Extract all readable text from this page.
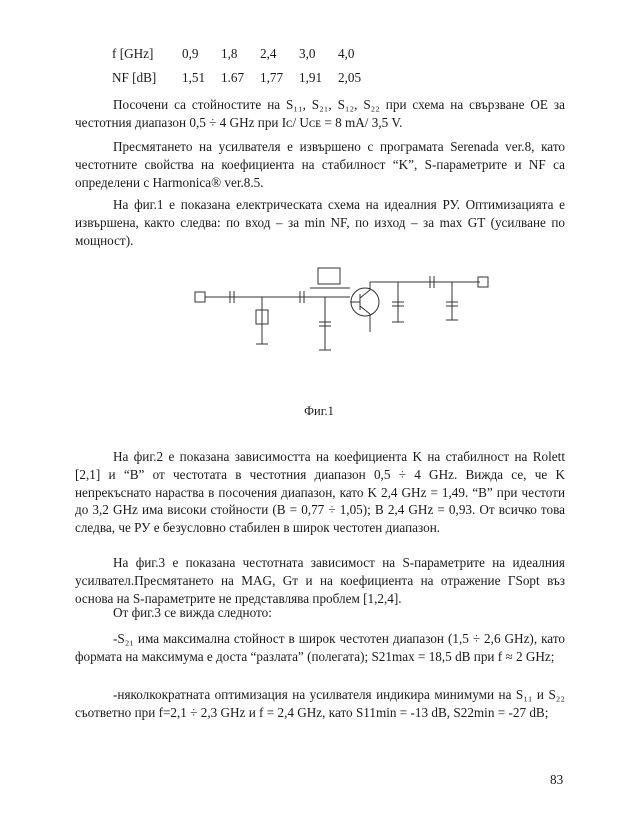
f [GHz]	0,9	1,8	2,4	3,0	4,0
NF [dB]	1,51	1.67	1,77	1,91	2,05

Посочени са стойностите на S₁₁, S₂₁, S₁₂, S₂₂ при схема на свързване ОЕ за честотния диапазон 0,5 ÷ 4 GHz при Iᴄ/ Uᴄᴇ = 8 mA/ 3,5 V.

Пресмятането на усилвателя е извършено с програмата Serenada ver.8, като честотните свойства на коефициента на стабилност “K”, S-параметрите и NF са определени с Harmonica® ver.8.5.

На фиг.1 е показана електрическата схема на идеалния РУ. Оптимизацията е извършена, както следва: по вход – за min NF, по изход – за max GT (усилване по мощност).

Фиг.1

На фиг.2 е показана зависимостта на коефициента K на стабилност на Rolett [2,1] и “B” от честотата в честотния диапазон 0,5 ÷ 4 GHz. Вижда се, че K непрекъснато нараства в посочения диапазон, като K 2,4 GHz = 1,49. “B” при честоти до 3,2 GHz има високи стойности (B = 0,77 ÷ 1,05); B 2,4 GHz = 0,93. От всичко това следва, че РУ е безусловно стабилен в широк честотен диапазон.

На фиг.3 е показана честотната зависимост на S-параметрите на идеалния усилвател.Пресмятането на MAG, Gᴛ и на коефициента на отражение ΓSopt въз основа на S-параметрите не представлява проблем [1,2,4].

От фиг.3 се вижда следното:

-S₂₁ има максимална стойност в широк честотен диапазон (1,5 ÷ 2,6 GHz), като формата на максимума е доста “разлата” (полегата); S21max = 18,5 dB при f ≈ 2 GHz;

-няколкократната оптимизация на усилвателя индикира минимуми на S₁₁ и S₂₂ съответно при f=2,1 ÷ 2,3 GHz и f = 2,4 GHz, като S11min = -13 dB, S22min = -27 dB;

83
